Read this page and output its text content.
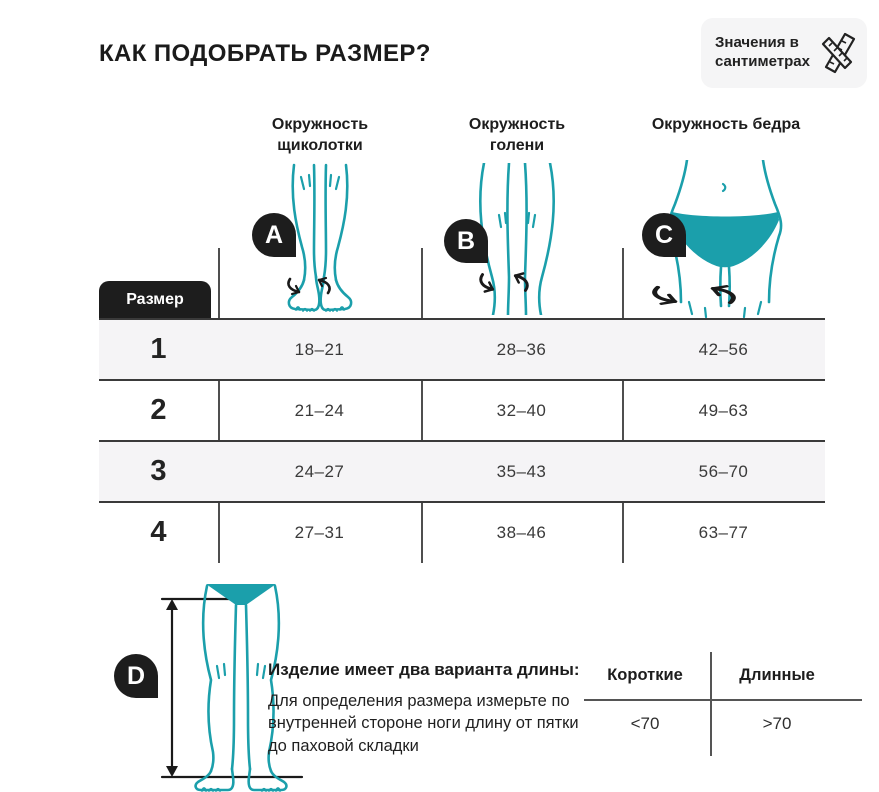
КАК ПОДОБРАТЬ РАЗМЕР?	Значения в сантиметрах
Окружность щиколотки
Окружность голени
Окружность бедра
A	B	C
Размер
1	18–21	28–36	42–56
2	21–24	32–40	49–63
3	24–27	35–43	56–70
4	27–31	38–46	63–77
D	Изделие имеет два варианта длины:
Для определения размера измерьте по внутренней стороне ноги длину от пятки до паховой складки
Короткие	Длинные
<70	>70
